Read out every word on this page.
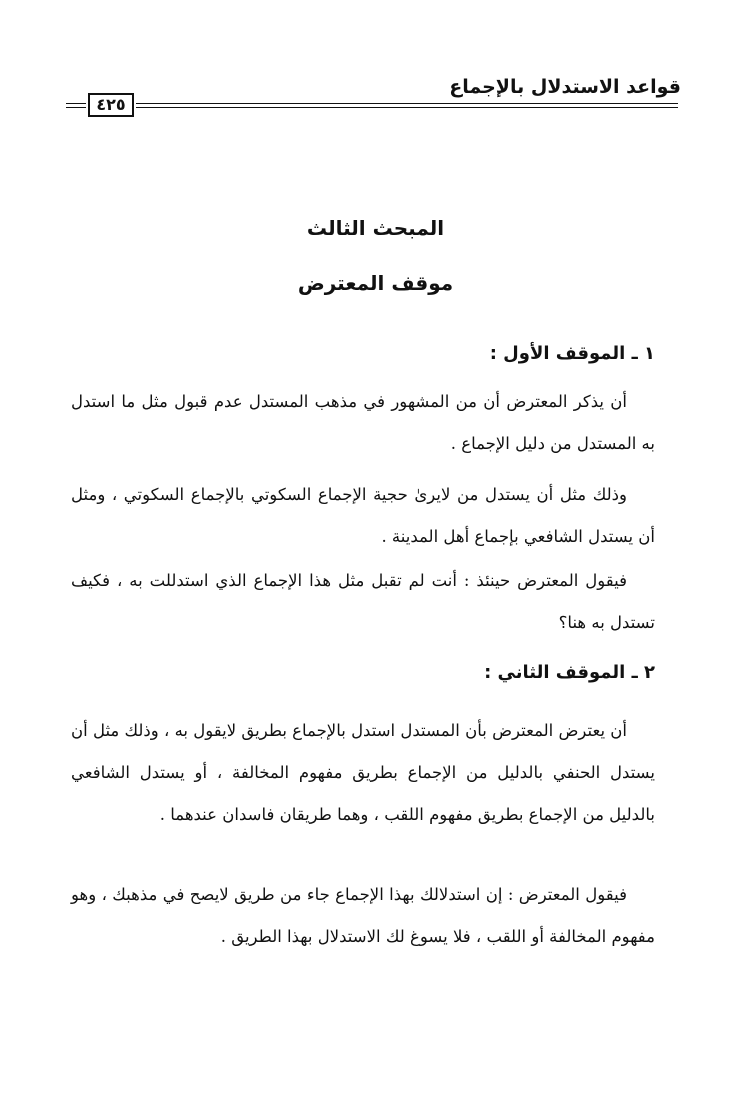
قواعد الاستدلال بالإجماع
٤٢٥
المبحث الثالث
موقف المعترض
١ ـ الموقف الأول :

أن يذكر المعترض أن من المشهور في مذهب المستدل عدم قبول مثل ما استدل به المستدل من دليل الإجماع .

وذلك مثل أن يستدل من لايرىٰ حجية الإجماع السكوتي بالإجماع السكوتي ، ومثل أن يستدل الشافعي بإجماع أهل المدينة .

فيقول المعترض حينئذ : أنت لم تقبل مثل هذا الإجماع الذي استدللت به ، فكيف تستدل به هنا؟

٢ ـ الموقف الثاني :

أن يعترض المعترض بأن المستدل استدل بالإجماع بطريق لايقول به ، وذلك مثل أن يستدل الحنفي بالدليل من الإجماع بطريق مفهوم المخالفة ، أو يستدل الشافعي بالدليل من الإجماع بطريق مفهوم اللقب ، وهما طريقان فاسدان عندهما .

فيقول المعترض : إن استدلالك بهذا الإجماع جاء من طريق لايصح في مذهبك ، وهو مفهوم المخالفة أو اللقب ، فلا يسوغ لك الاستدلال بهذا الطريق .
